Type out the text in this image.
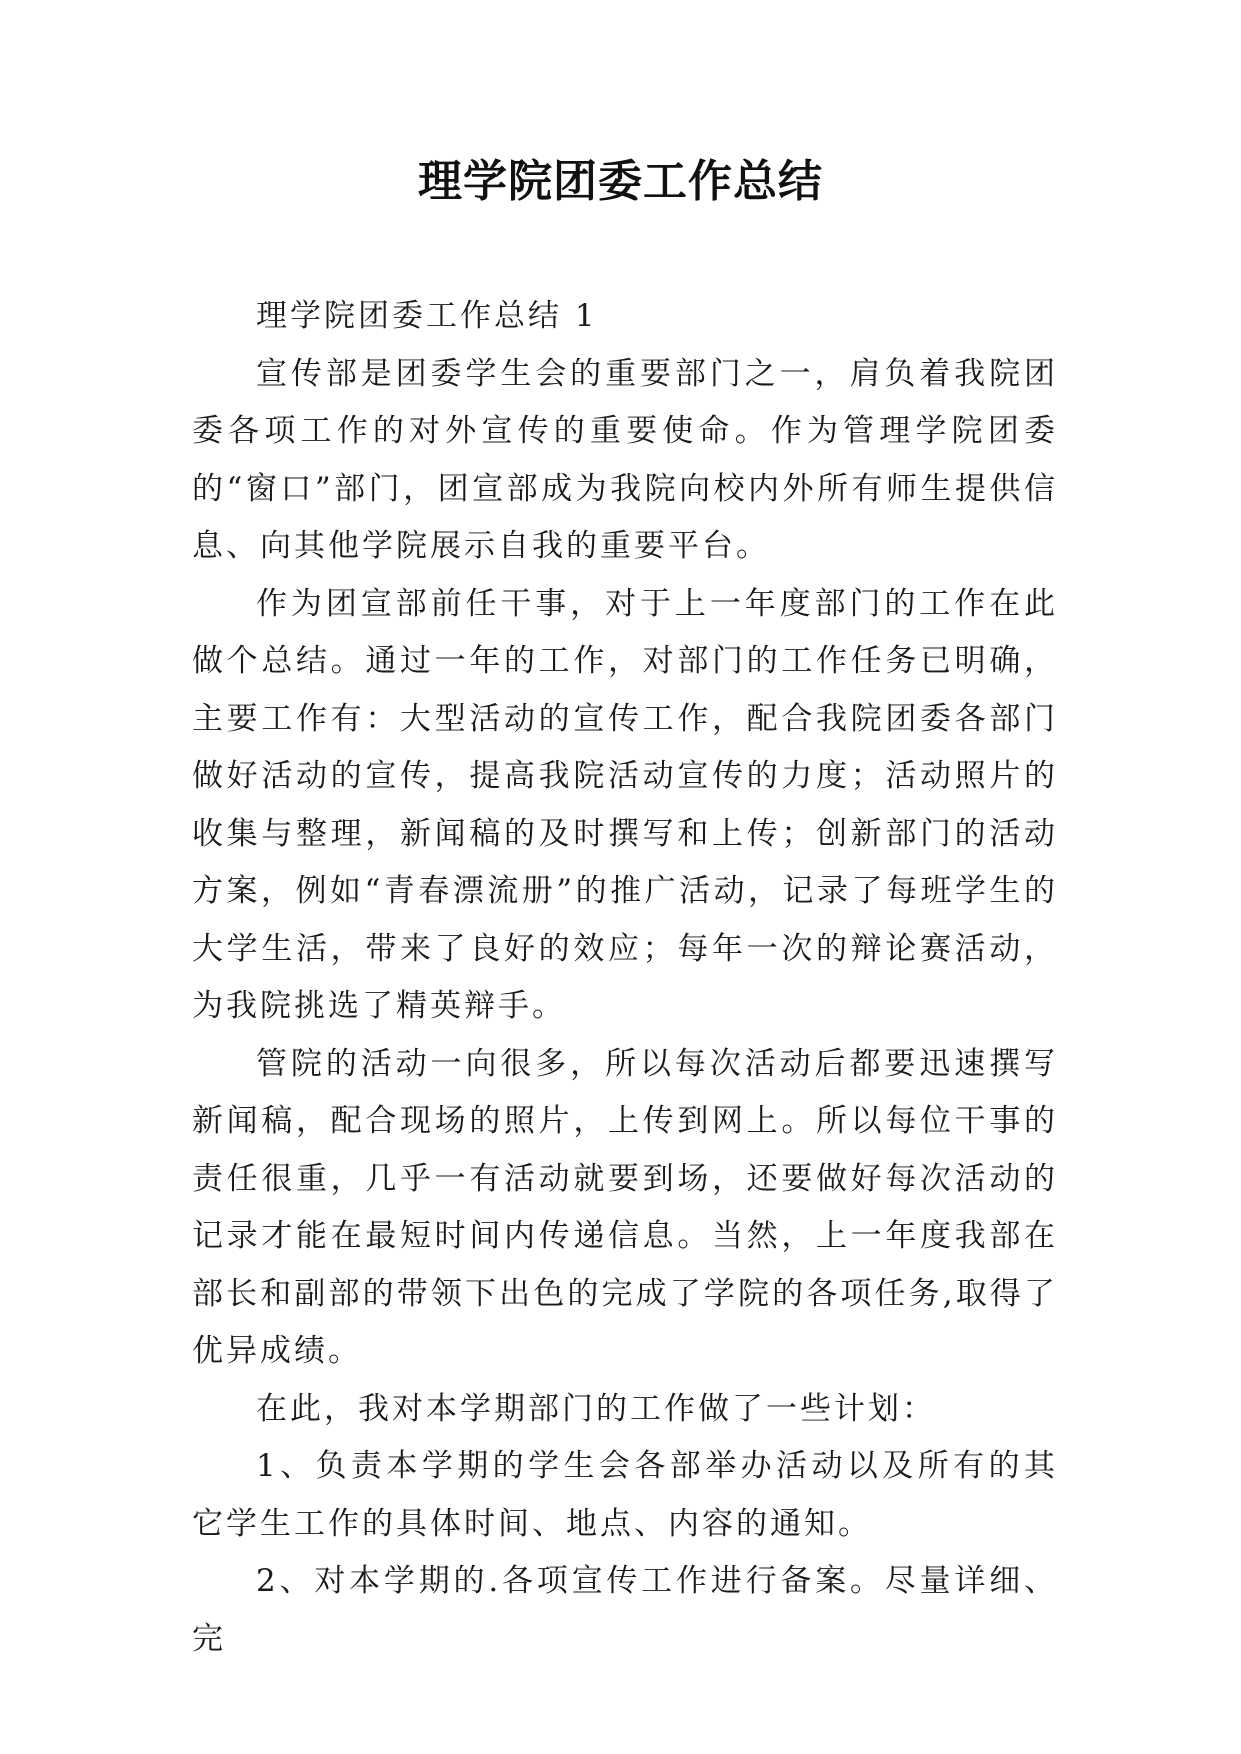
理学院团委工作总结

理学院团委工作总结 1

宣传部是团委学生会的重要部门之一，肩负着我院团委各项工作的对外宣传的重要使命。作为管理学院团委的“窗口”部门，团宣部成为我院向校内外所有师生提供信息、向其他学院展示自我的重要平台。

作为团宣部前任干事，对于上一年度部门的工作在此做个总结。通过一年的工作，对部门的工作任务已明确，主要工作有：大型活动的宣传工作，配合我院团委各部门做好活动的宣传，提高我院活动宣传的力度；活动照片的收集与整理，新闻稿的及时撰写和上传；创新部门的活动方案，例如“青春漂流册”的推广活动，记录了每班学生的大学生活，带来了良好的效应；每年一次的辩论赛活动，为我院挑选了精英辩手。

管院的活动一向很多，所以每次活动后都要迅速撰写新闻稿，配合现场的照片，上传到网上。所以每位干事的责任很重，几乎一有活动就要到场，还要做好每次活动的记录才能在最短时间内传递信息。当然，上一年度我部在部长和副部的带领下出色的完成了学院的各项任务,取得了优异成绩。

在此，我对本学期部门的工作做了一些计划：

1、负责本学期的学生会各部举办活动以及所有的其它学生工作的具体时间、地点、内容的通知。

2、对本学期的.各项宣传工作进行备案。尽量详细、完
